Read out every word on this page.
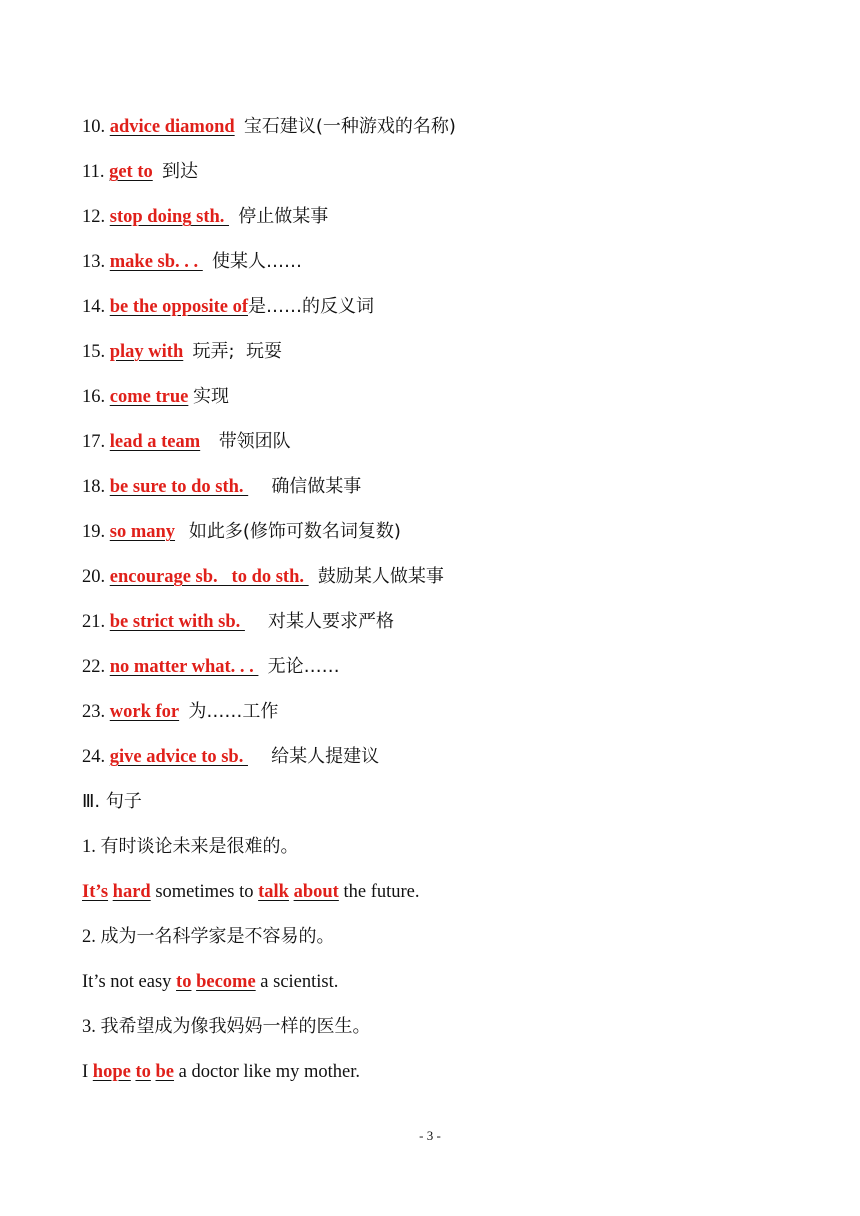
10. advice diamond 宝石建议(一种游戏的名称)
11. get to 到达
12. stop doing sth.   停止做某事
13. make sb. . .   使某人……
14. be the opposite of是……的反义词
15. play with 玩弄;  玩耍
16. come true 实现
17. lead a team 带领团队
18. be sure to do sth.      确信做某事
19. so many 如此多(修饰可数名词复数)
20. encourage sb.   to do sth.   鼓励某人做某事
21. be strict with sb.      对某人要求严格
22. no matter what. . .   无论……
23. work for 为……工作
24. give advice to sb.      给某人提建议
Ⅲ. 句子
1. 有时谈论未来是很难的。
It’s hard sometimes to talk about the future.
2. 成为一名科学家是不容易的。
It’s not easy to become a scientist.
3. 我希望成为像我妈妈一样的医生。
I hope to be a doctor like my mother.
- 3 -
